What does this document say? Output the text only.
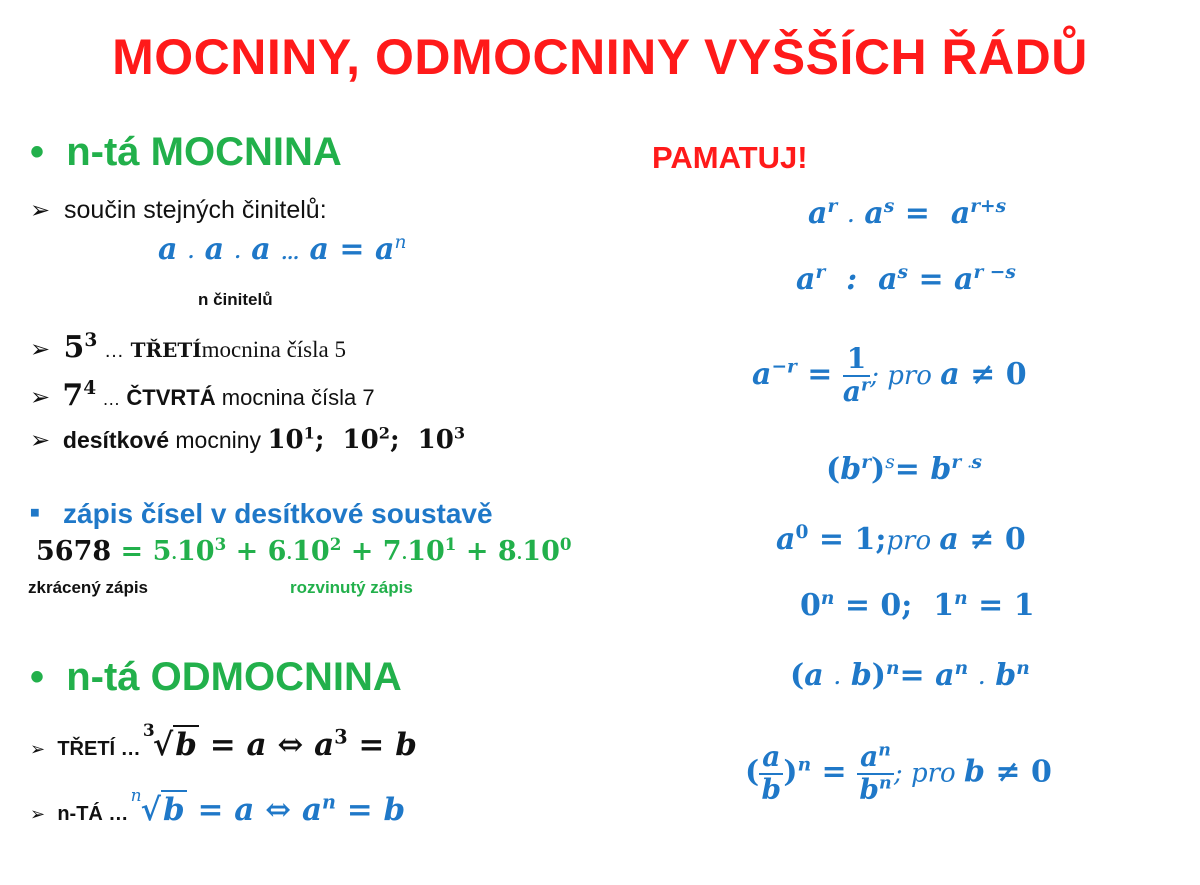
MOCNINY, ODMOCNINY VYŠŠÍCH ŘÁDŮ
•  n-tá MOCNINA
➢ součin stejných činitelů:
a . a . a … $a = a^n$
n činitelů
➢ $5^3$ … TŘETÍmocnina čísla 5
➢ $7^4$ … ČTVRTÁ mocnina čísla 7
➢ desítkové mocniny $10^1$;  $10^2$;  $10^3$
■ zápis čísel v desítkové soustavě
$5678 = 5.10^3 + 6.10^2 + 7.10^1 + 8.10^0$
zkrácený zápis	rozvinutý zápis
•  n-tá ODMOCNINA
➢ TŘETÍ …
3
√b = a ⇔ $a^3 = b$
➢ n-TÁ …
n √b = a ⇔ $a^n = b$
PAMATUJ!
$a^r$ . $a^s = a^{r+s}$
$a^r$  :  $a^s = a^{r -s}$
$a^{-r} = \frac{1}{a^r}$ ; pro a ≠ 0
$(b^r)^s= b^{r .s}$
$a^0$ = 1;pro a ≠ 0
$0^n = 0$;  $1^n = 1$
(a . $b)^n= a^n$ . $b^n$
( $\frac{a}{b} )^n = \frac{a^n}{b^n}$ ; pro b ≠ 0
